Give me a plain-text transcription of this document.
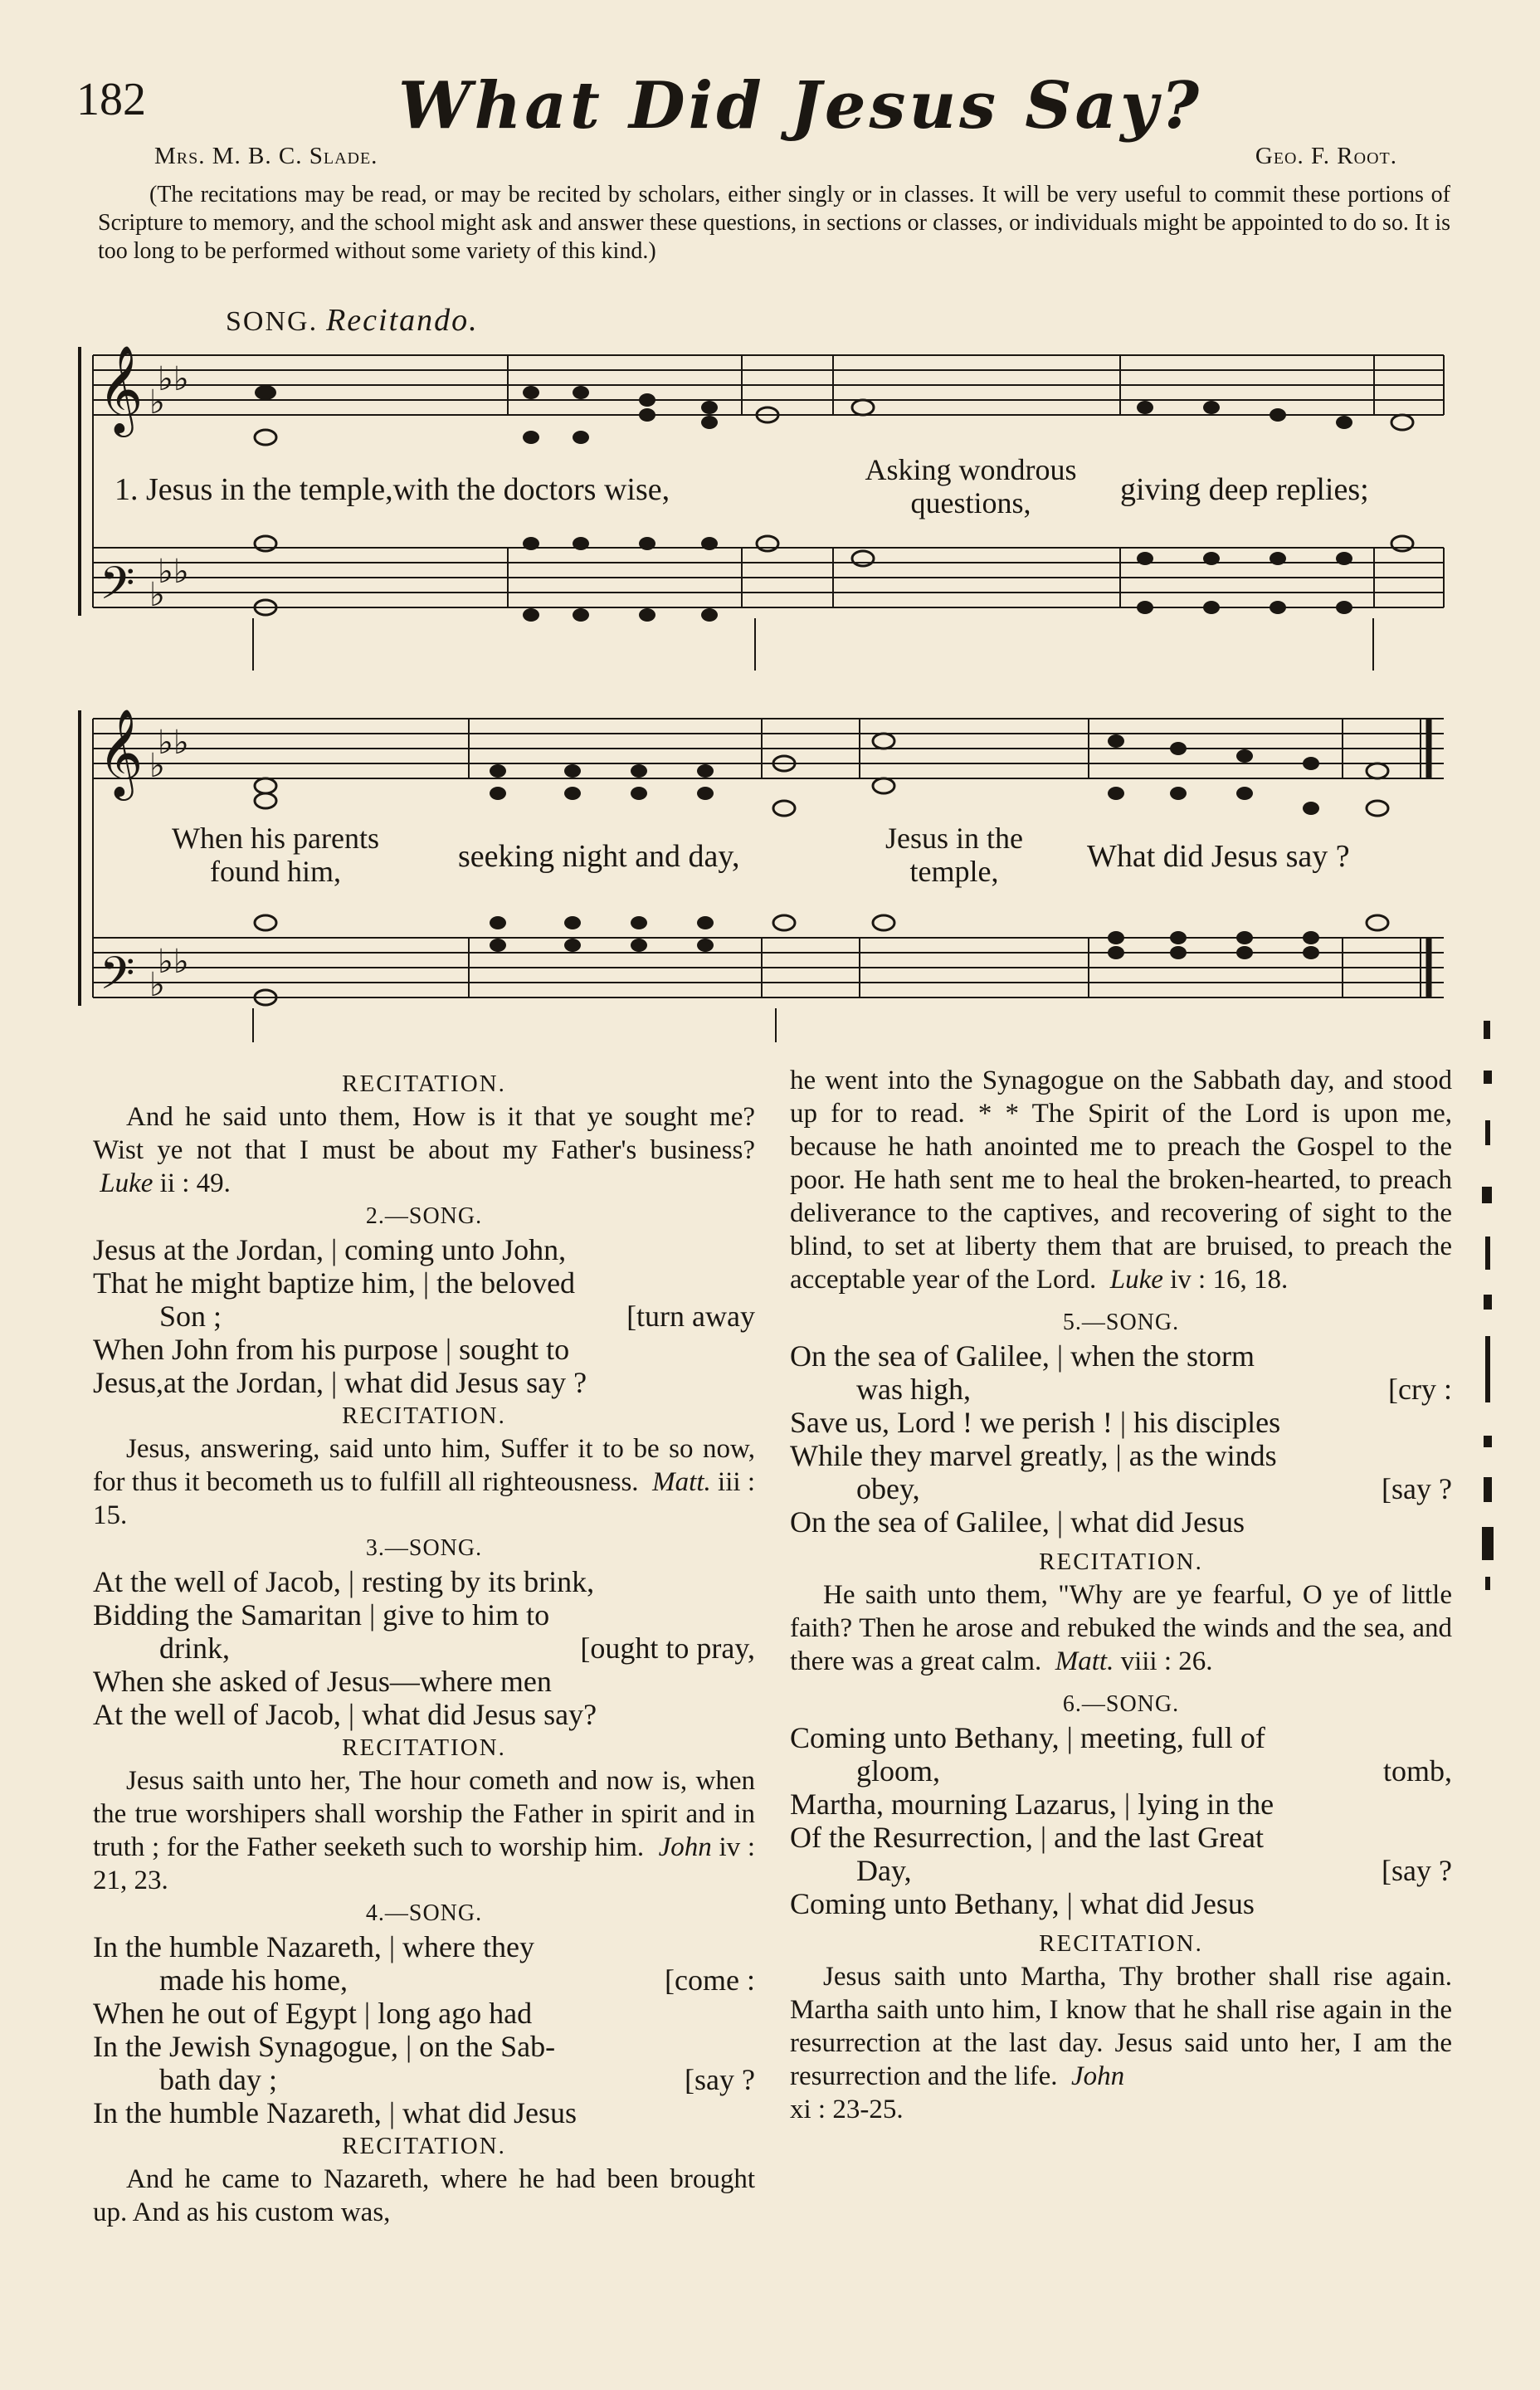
182	What Did Jesus Say?
Mrs. M. B. C. Slade.	Geo. F. Root.
(The recitations may be read, or may be recited by scholars, either singly or in classes. It will be very useful to commit these portions of Scripture to memory, and the school might ask and answer these questions, in sections or classes, or individuals might be appointed to do so. It is too long to be performed without some variety of this kind.)
SONG. Recitando.
𝄞
𝄢
♭♭
♭
♭♭
♭
𝄞
𝄢
♭♭
♭
♭♭
♭
1. Jesus in the temple,with the doctors wise,
Asking wondrous
questions,	giving deep replies;
When his parents
found him,	seeking night and day,
Jesus in the
temple,	What did Jesus say ?
RECITATION.

And he said unto them, How is it that ye sought me? Wist ye not that I must be about my Father's business?  Luke ii : 49.

2.—SONG.
Jesus at the Jordan, | coming unto John,
That he might baptize him, | the beloved
Son ;	[turn away
When John from his purpose | sought to
Jesus,at the Jordan, | what did Jesus say ?
RECITATION.

Jesus, answering, said unto him, Suffer it to be so now, for thus it becometh us to fulfill all righteousness. Matt. iii : 15.

3.—SONG.
At the well of Jacob, | resting by its brink,
Bidding the Samaritan | give to him to
drink,	[ought to pray,
When she asked of Jesus—where men
At the well of Jacob, | what did Jesus say?
RECITATION.

Jesus saith unto her, The hour cometh and now is, when the true worshipers shall worship the Father in spirit and in truth ; for the Father seeketh such to worship him. John iv : 21, 23.

4.—SONG.
In the humble Nazareth, | where they
made his home,	[come :
When he out of Egypt | long ago had
In the Jewish Synagogue, | on the Sab-
bath day ;	[say ?
In the humble Nazareth, | what did Jesus
RECITATION.

And he came to Nazareth, where he had been brought up. And as his custom was,

he went into the Synagogue on the Sabbath day, and stood up for to read. * * The Spirit of the Lord is upon me, because he hath anointed me to preach the Gospel to the poor. He hath sent me to heal the broken-hearted, to preach deliverance to the captives, and recovering of sight to the blind, to set at liberty them that are bruised, to preach the acceptable year of the Lord. Luke iv : 16, 18.

5.—SONG.
On the sea of Galilee, | when the storm
was high,	[cry :
Save us, Lord ! we perish ! | his disciples
While they marvel greatly, | as the winds
obey,	[say ?
On the sea of Galilee, | what did Jesus
RECITATION.

He saith unto them, "Why are ye fearful, O ye of little faith? Then he arose and rebuked the winds and the sea, and there was a great calm. Matt. viii : 26.

6.—SONG.
Coming unto Bethany, | meeting, full of
gloom,	tomb,
Martha, mourning Lazarus, | lying in the
Of the Resurrection, | and the last Great
Day,	[say ?
Coming unto Bethany, | what did Jesus
RECITATION.

Jesus saith unto Martha, Thy brother shall rise again. Martha saith unto him, I know that he shall rise again in the resurrection at the last day. Jesus said unto her, I am the resurrection and the life. John
xi : 23-25.
